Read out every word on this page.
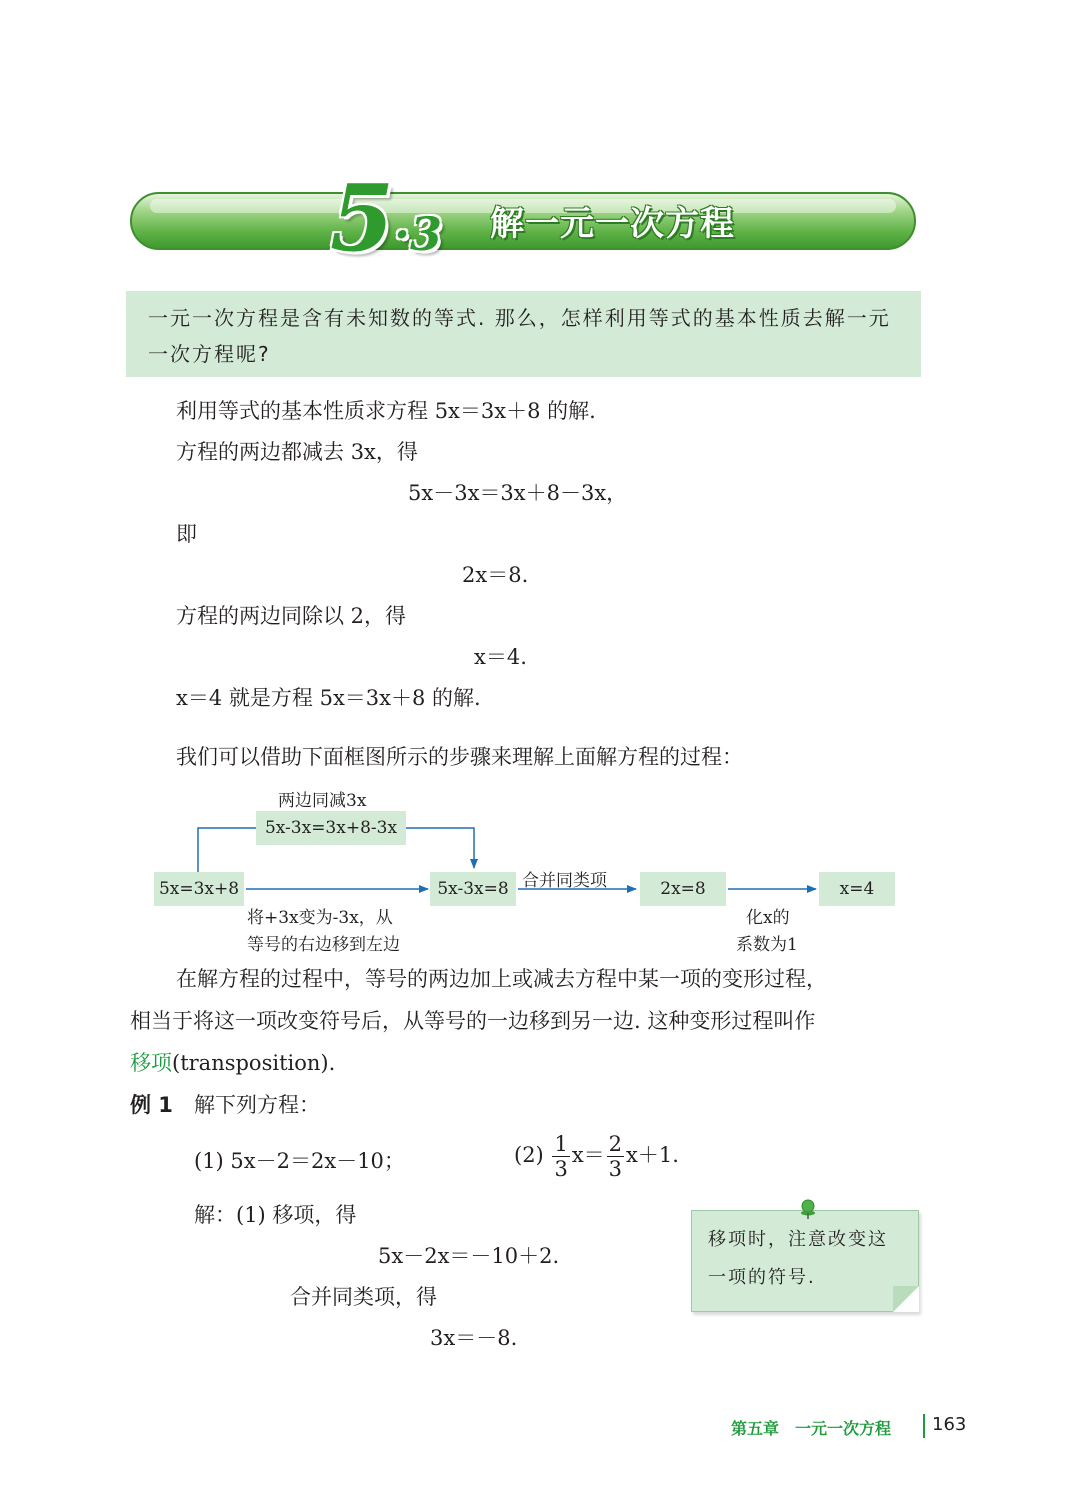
5·3 解一元一次方程
一元一次方程是含有未知数的等式. 那么，怎样利用等式的基本性质去解一元一次方程呢?
利用等式的基本性质求方程 5x＝3x＋8 的解.
方程的两边都减去 3x，得
5x－3x＝3x＋8－3x，
即
2x＝8.
方程的两边同除以 2，得
x＝4.
x＝4 就是方程 5x＝3x＋8 的解.
我们可以借助下面框图所示的步骤来理解上面解方程的过程：
两边同减3x
5x-3x=3x+8-3x
5x=3x+8	5x-3x=8 合并同类项	2x=8	x=4
将+3x变为-3x，从
等号的右边移到左边
化x的
系数为1
在解方程的过程中，等号的两边加上或减去方程中某一项的变形过程，
相当于将这一项改变符号后，从等号的一边移到另一边. 这种变形过程叫作
移项(transposition).
例 1 解下列方程：
(1) 5x－2＝2x－10；	$(2) \frac{1}{3} x= \frac{2}{3} x+1$.
解：(1) 移项，得
5x－2x＝－10＋2.
合并同类项，得
3x＝－8.
移项时，注意改变这一项的符号.
第五章　一元一次方程 163
